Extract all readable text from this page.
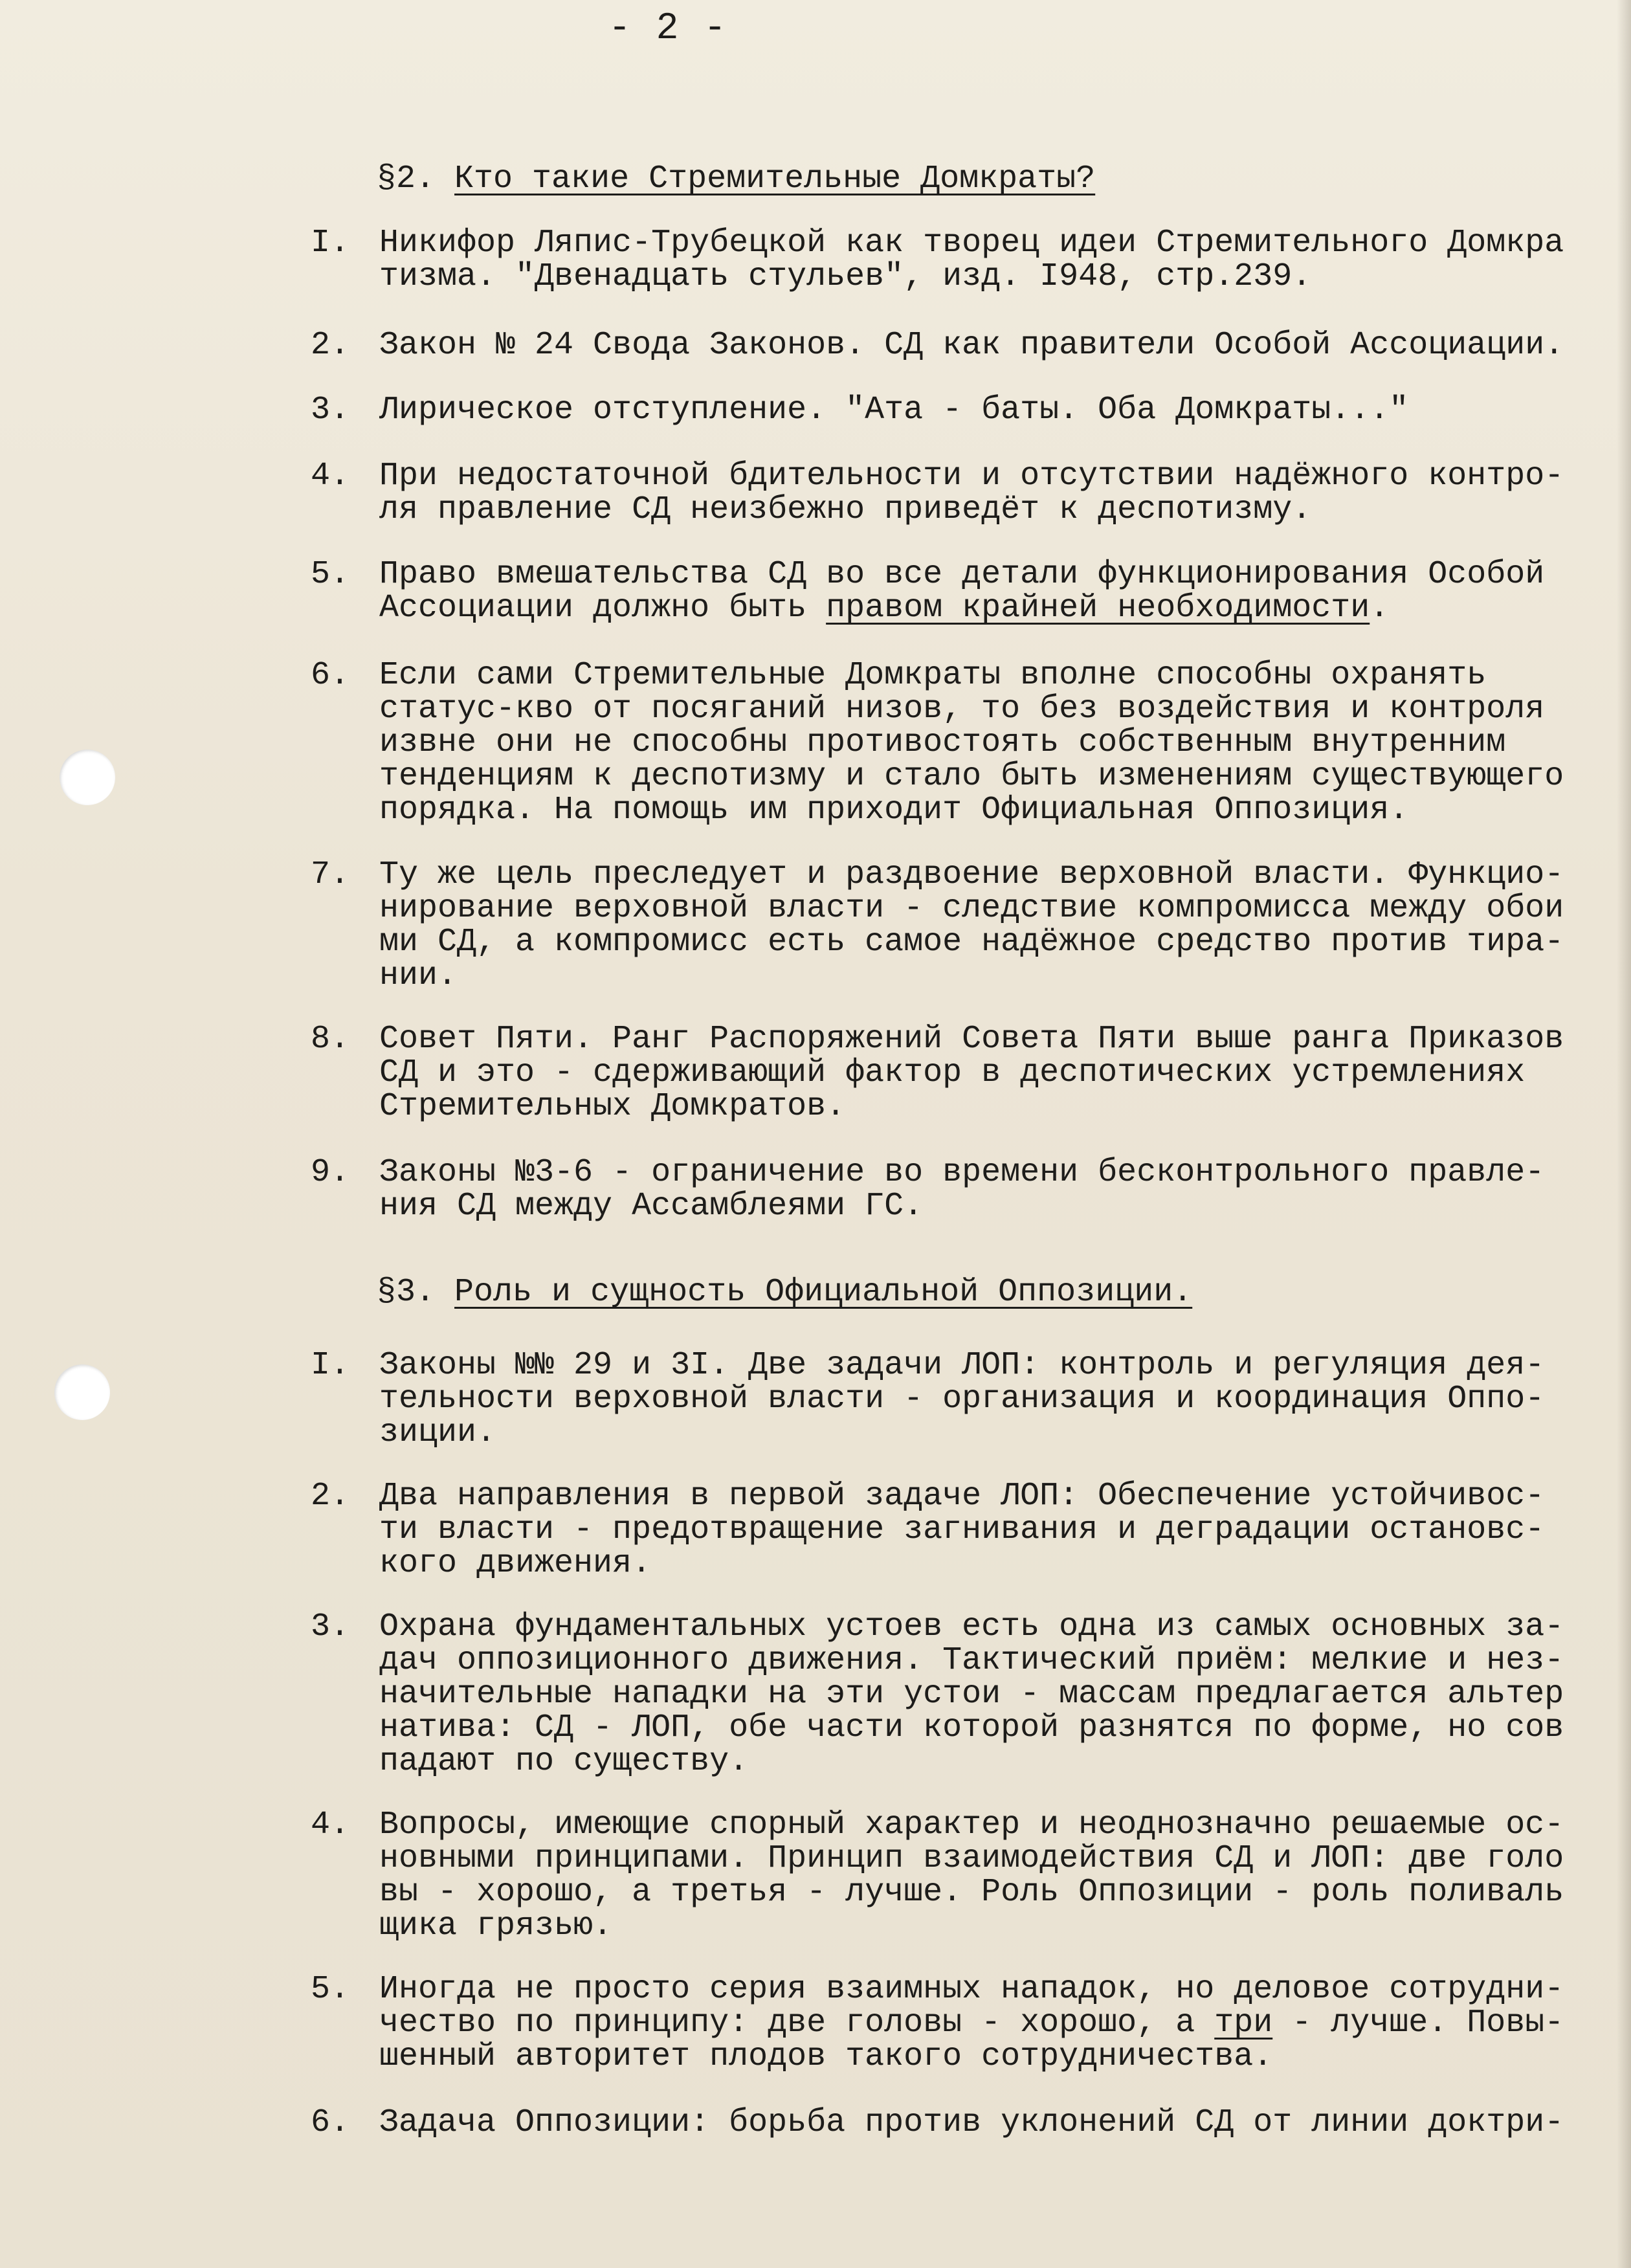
- 2 -
§2. Кто такие Стремительные Домкраты?
I. Никифор Ляпис-Трубецкой как творец идеи Стремительного Домкра
тизма. "Двенадцать стульев", изд. I948, стр.239.
2. Закон № 24 Свода Законов. СД как правители Особой Ассоциации.
3. Лирическое отступление. "Ата - баты. Оба Домкраты..."
4. При недостаточной бдительности и отсутствии надёжного контро-
ля правление СД неизбежно приведёт к деспотизму.
5. Право вмешательства СД во все детали функционирования Особой
Ассоциации должно быть правом крайней необходимости.
6. Если сами Стремительные Домкраты вполне способны охранять
статус-кво от посяганий низов, то без воздействия и контроля
извне они не способны противостоять собственным внутренним
тенденциям к деспотизму и стало быть изменениям существующего
порядка. На помощь им приходит Официальная Оппозиция.
7. Ту же цель преследует и раздвоение верховной власти. Функцио-
нирование верховной власти - следствие компромисса между обои
ми СД, а компромисс есть самое надёжное средство против тира-
нии.
8. Совет Пяти. Ранг Распоряжений Совета Пяти выше ранга Приказов
СД и это - сдерживающий фактор в деспотических устремлениях
Стремительных Домкратов.
9. Законы №3-6 - ограничение во времени бесконтрольного правле-
ния СД между Ассамблеями ГС.
§3. Роль и сущность Официальной Оппозиции.
I. Законы №№ 29 и 3I. Две задачи ЛОП: контроль и регуляция дея-
тельности верховной власти - организация и координация Оппо-
зиции.
2. Два направления в первой задаче ЛОП: Обеспечение устойчивос-
ти власти - предотвращение загнивания и деградации остановс-
кого движения.
3. Охрана фундаментальных устоев есть одна из самых основных за-
дач оппозиционного движения. Тактический приём: мелкие и нез-
начительные нападки на эти устои - массам предлагается альтер
натива: СД - ЛОП, обе части которой разнятся по форме, но сов
падают по существу.
4. Вопросы, имеющие спорный характер и неоднозначно решаемые ос-
новными принципами. Принцип взаимодействия СД и ЛОП: две голо
вы - хорошо, а третья - лучше. Роль Оппозиции - роль поливаль
щика грязью.
5. Иногда не просто серия взаимных нападок, но деловое сотрудни-
чество по принципу: две головы - хорошо, а три - лучше. Повы-
шенный авторитет плодов такого сотрудничества.
6. Задача Оппозиции: борьба против уклонений СД от линии доктри-
